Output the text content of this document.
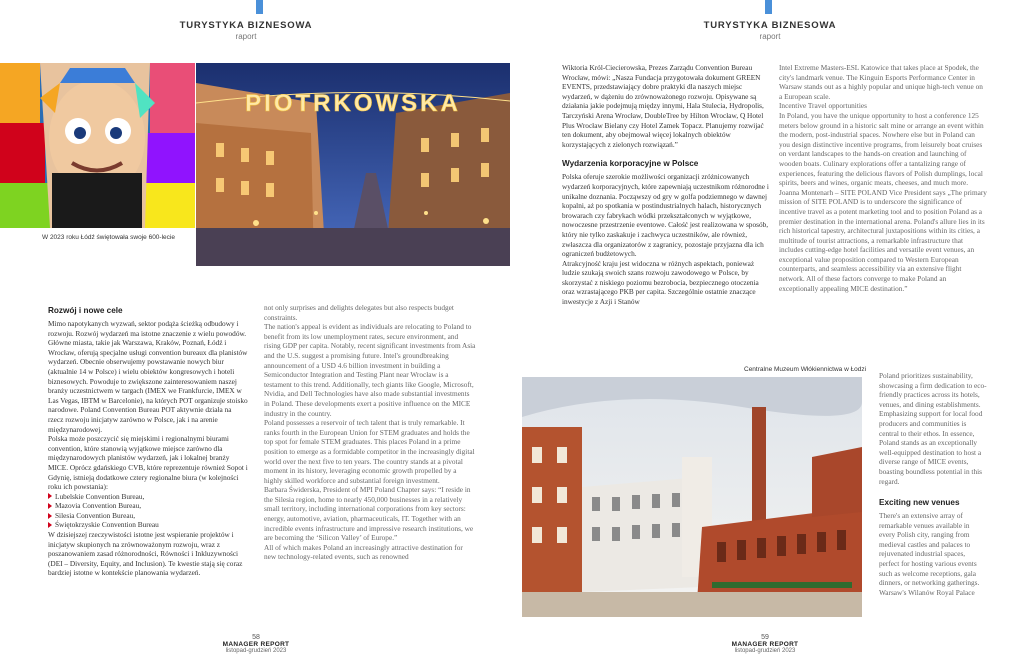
TURYSTYKA BIZNESOWA
raport
W 2023 roku Łódź świętowała swoje 600-lecie
PIOTRKOWSKA
Rozwój i nowe cele

Mimo napotykanych wyzwań, sektor podąża ścieżką odbudowy i rozwoju. Rozwój wydarzeń ma istotne znaczenie z wielu powodów. Główne miasta, takie jak Warszawa, Kraków, Poznań, Łódź i Wrocław, oferują specjalne usługi convention bureaux dla planistów wydarzeń. Obecnie obserwujemy powstawanie nowych biur (aktualnie 14 w Polsce) i wielu obiektów kongresowych i hoteli biznesowych. Powoduje to zwiększone zainteresowaniem naszej branży uczestnictwem w targach (IMEX we Frankfurcie, IMEX w Las Vegas, IBTM w Barcelonie), na których POT organizuje stoisko narodowe. Poland Convention Bureau POT aktywnie działa na rzecz rozwoju inicjatyw zarówno w Polsce, jak i na arenie międzynarodowej.

Polska może poszczycić się miejskimi i regionalnymi biurami convention, które stanowią wyjątkowe miejsce zarówno dla międzynarodowych planistów wydarzeń, jak i lokalnej branży MICE. Oprócz gdańskiego CVB, które reprezentuje również Sopot i Gdynię, istnieją dodatkowe cztery regionalne biura (w kolejności roku ich powstania):

Lubelskie Convention Bureau,
Mazovia Convention Bureau,
Silesia Convention Bureau,
Świętokrzyskie Convention Bureau

W dzisiejszej rzeczywistości istotne jest wspieranie projektów i inicjatyw skupionych na zrównoważonym rozwoju, wraz z poszanowaniem zasad różnorodności, Równości i Inkluzywności (DEI – Diversity, Equity, and Inclusion). Te kwestie stają się coraz bardziej istotne w kontekście planowania wydarzeń.

not only surprises and delights delegates but also respects budget constraints.

The nation's appeal is evident as individuals are relocating to Poland to benefit from its low unemployment rates, secure environment, and rising GDP per capita. Notably, recent significant investments from Asia and the U.S. suggest a promising future. Intel's groundbreaking announcement of a USD 4.6 billion investment in building a Semiconductor Integration and Testing Plant near Wrocław is a testament to this trend. Additionally, tech giants like Google, Microsoft, Nvidia, and Dell Technologies have also made substantial investments in Poland. These developments exert a positive influence on the MICE industry in the country.

Poland possesses a reservoir of tech talent that is truly remarkable. It ranks fourth in the European Union for STEM graduates and holds the top spot for female STEM graduates. This places Poland in a prime position to emerge as a formidable competitor in the increasingly digital world over the next five to ten years. The country stands at a pivotal moment in its history, leveraging economic growth propelled by a highly skilled workforce and substantial foreign investment.

Barbara Świderska, President of MPI Poland Chapter says: “I reside in the Silesia region, home to nearly 450,000 businesses in a relatively small territory, including international corporations from key sectors: energy, automotive, aviation, pharmaceuticals, IT. Together with an incredible events infrastructure and impressive research institutions, we are becoming the ‘Silicon Valley’ of Europe.”

All of which makes Poland an increasingly attractive destination for new technology-related events, such as renowned

58
MANAGER REPORT
listopad-grudzień 2023
TURYSTYKA BIZNESOWA
raport

Wiktoria Król-Ciecierowska, Prezes Zarządu Convention Bureau Wrocław, mówi: „Nasza Fundacja przygotowała dokument GREEN EVENTS, przedstawiający dobre praktyki dla naszych miejsc wydarzeń, w dążeniu do zrównoważonego rozwoju. Opisywane są działania jakie podejmują między innymi, Hala Stulecia, Hydropolis, Tarczyński Arena Wrocław, DoubleTree by Hilton Wrocław, Q Hotel Plus Wrocław Bielany czy Hotel Zamek Topacz. Planujemy rozwijać ten dokument, aby obejmował więcej lokalnych obiektów korzystających z zielonych rozwiązań.”

Wydarzenia korporacyjne w Polsce

Polska oferuje szerokie możliwości organizacji zróżnicowanych wydarzeń korporacyjnych, które zapewniają uczestnikom różnorodne i unikalne doznania. Począwszy od gry w golfa podziemnego w dawnej kopalni, aż po spotkania w postindustrialnych halach, historycznych browarach czy fabrykach wódki przekształconych w wyjątkowe, nowoczesne przestrzenie eventowe. Całość jest realizowana w sposób, który nie tylko zaskakuje i zachwyca uczestników, ale również, zwłaszcza dla organizatorów z zagranicy, pozostaje przyjazna dla ich ograniczeń budżetowych.

Atrakcyjność kraju jest widoczna w różnych aspektach, ponieważ ludzie szukają swoich szans rozwoju zawodowego w Polsce, by skorzystać z niskiego poziomu bezrobocia, bezpiecznego otoczenia oraz wzrastającego PKB per capita. Szczególnie ostatnie znaczące inwestycje z Azji i Stanów

Intel Extreme Masters-ESL Katowice that takes place at Spodek, the city's landmark venue. The Kinguin Esports Performance Center in Warsaw stands out as a highly popular and unique high-tech venue on a European scale.

Incentive Travel opportunities

In Poland, you have the unique opportunity to host a conference 125 meters below ground in a historic salt mine or arrange an event within the modern, post-industrial spaces. Nowhere else but in Poland can you design distinctive incentive programs, from leisurely boat cruises on verdant landscapes to the hands-on creation and launching of wooden boats. Culinary explorations offer a tantalizing range of experiences, featuring the delicious flavors of Polish dumplings, local spirits, beers and wines, organic meats, cheeses, and much more.

Joanna Montenarh – SITE POLAND Vice President says „The primary mission of SITE POLAND is to underscore the significance of incentive travel as a potent marketing tool and to position Poland as a premier destination in the international arena. Poland's allure lies in its rich historical tapestry, architectural juxtapositions within its cities, a multitude of tourist attractions, a remarkable infrastructure that includes cutting-edge hotel facilities and versatile event venues, an exceptional value proposition compared to Western European counterparts, and seamless accessibility via an extensive flight network. All of these factors converge to make Poland an exceptionally appealing MICE destination.”

Poland prioritizes sustainability, showcasing a firm dedication to eco-friendly practices across its hotels, venues, and dining establishments. Emphasizing support for local food producers and communities is central to their ethos. In essence, Poland stands as an exceptionally well-equipped destination to host a diverse range of MICE events, boasting boundless potential in this regard.

Exciting new venues

There's an extensive array of remarkable venues available in every Polish city, ranging from medieval castles and palaces to rejuvenated industrial spaces, perfect for hosting various events such as welcome receptions, gala dinners, or networking gatherings. Warsaw's Wilanów Royal Palace

Centralne Muzeum Włókiennictwa w Łodzi
59
MANAGER REPORT
listopad-grudzień 2023
